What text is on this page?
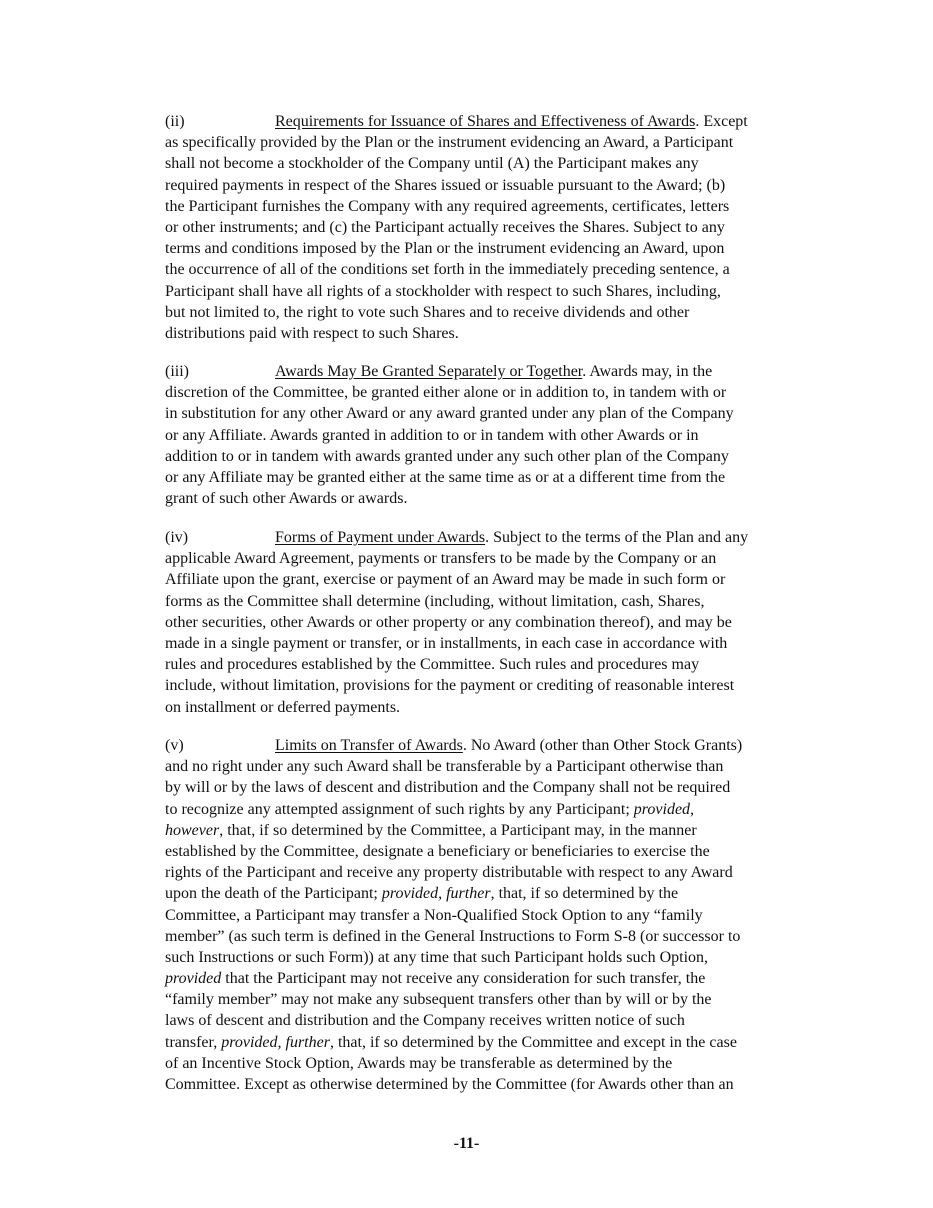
(ii)	Requirements for Issuance of Shares and Effectiveness of Awards. Except
as specifically provided by the Plan or the instrument evidencing an Award, a Participant
shall not become a stockholder of the Company until (A) the Participant makes any
required payments in respect of the Shares issued or issuable pursuant to the Award; (b)
the Participant furnishes the Company with any required agreements, certificates, letters
or other instruments; and (c) the Participant actually receives the Shares. Subject to any
terms and conditions imposed by the Plan or the instrument evidencing an Award, upon
the occurrence of all of the conditions set forth in the immediately preceding sentence, a
Participant shall have all rights of a stockholder with respect to such Shares, including,
but not limited to, the right to vote such Shares and to receive dividends and other
distributions paid with respect to such Shares.
(iii)	Awards May Be Granted Separately or Together. Awards may, in the
discretion of the Committee, be granted either alone or in addition to, in tandem with or
in substitution for any other Award or any award granted under any plan of the Company
or any Affiliate. Awards granted in addition to or in tandem with other Awards or in
addition to or in tandem with awards granted under any such other plan of the Company
or any Affiliate may be granted either at the same time as or at a different time from the
grant of such other Awards or awards.
(iv)	Forms of Payment under Awards. Subject to the terms of the Plan and any
applicable Award Agreement, payments or transfers to be made by the Company or an
Affiliate upon the grant, exercise or payment of an Award may be made in such form or
forms as the Committee shall determine (including, without limitation, cash, Shares,
other securities, other Awards or other property or any combination thereof), and may be
made in a single payment or transfer, or in installments, in each case in accordance with
rules and procedures established by the Committee. Such rules and procedures may
include, without limitation, provisions for the payment or crediting of reasonable interest
on installment or deferred payments.
(v)	Limits on Transfer of Awards. No Award (other than Other Stock Grants)
and no right under any such Award shall be transferable by a Participant otherwise than
by will or by the laws of descent and distribution and the Company shall not be required
to recognize any attempted assignment of such rights by any Participant; provided,
however, that, if so determined by the Committee, a Participant may, in the manner
established by the Committee, designate a beneficiary or beneficiaries to exercise the
rights of the Participant and receive any property distributable with respect to any Award
upon the death of the Participant; provided, further, that, if so determined by the
Committee, a Participant may transfer a Non-Qualified Stock Option to any “family
member” (as such term is defined in the General Instructions to Form S-8 (or successor to
such Instructions or such Form)) at any time that such Participant holds such Option,
provided that the Participant may not receive any consideration for such transfer, the
“family member” may not make any subsequent transfers other than by will or by the
laws of descent and distribution and the Company receives written notice of such
transfer, provided, further, that, if so determined by the Committee and except in the case
of an Incentive Stock Option, Awards may be transferable as determined by the
Committee. Except as otherwise determined by the Committee (for Awards other than an
-11-
